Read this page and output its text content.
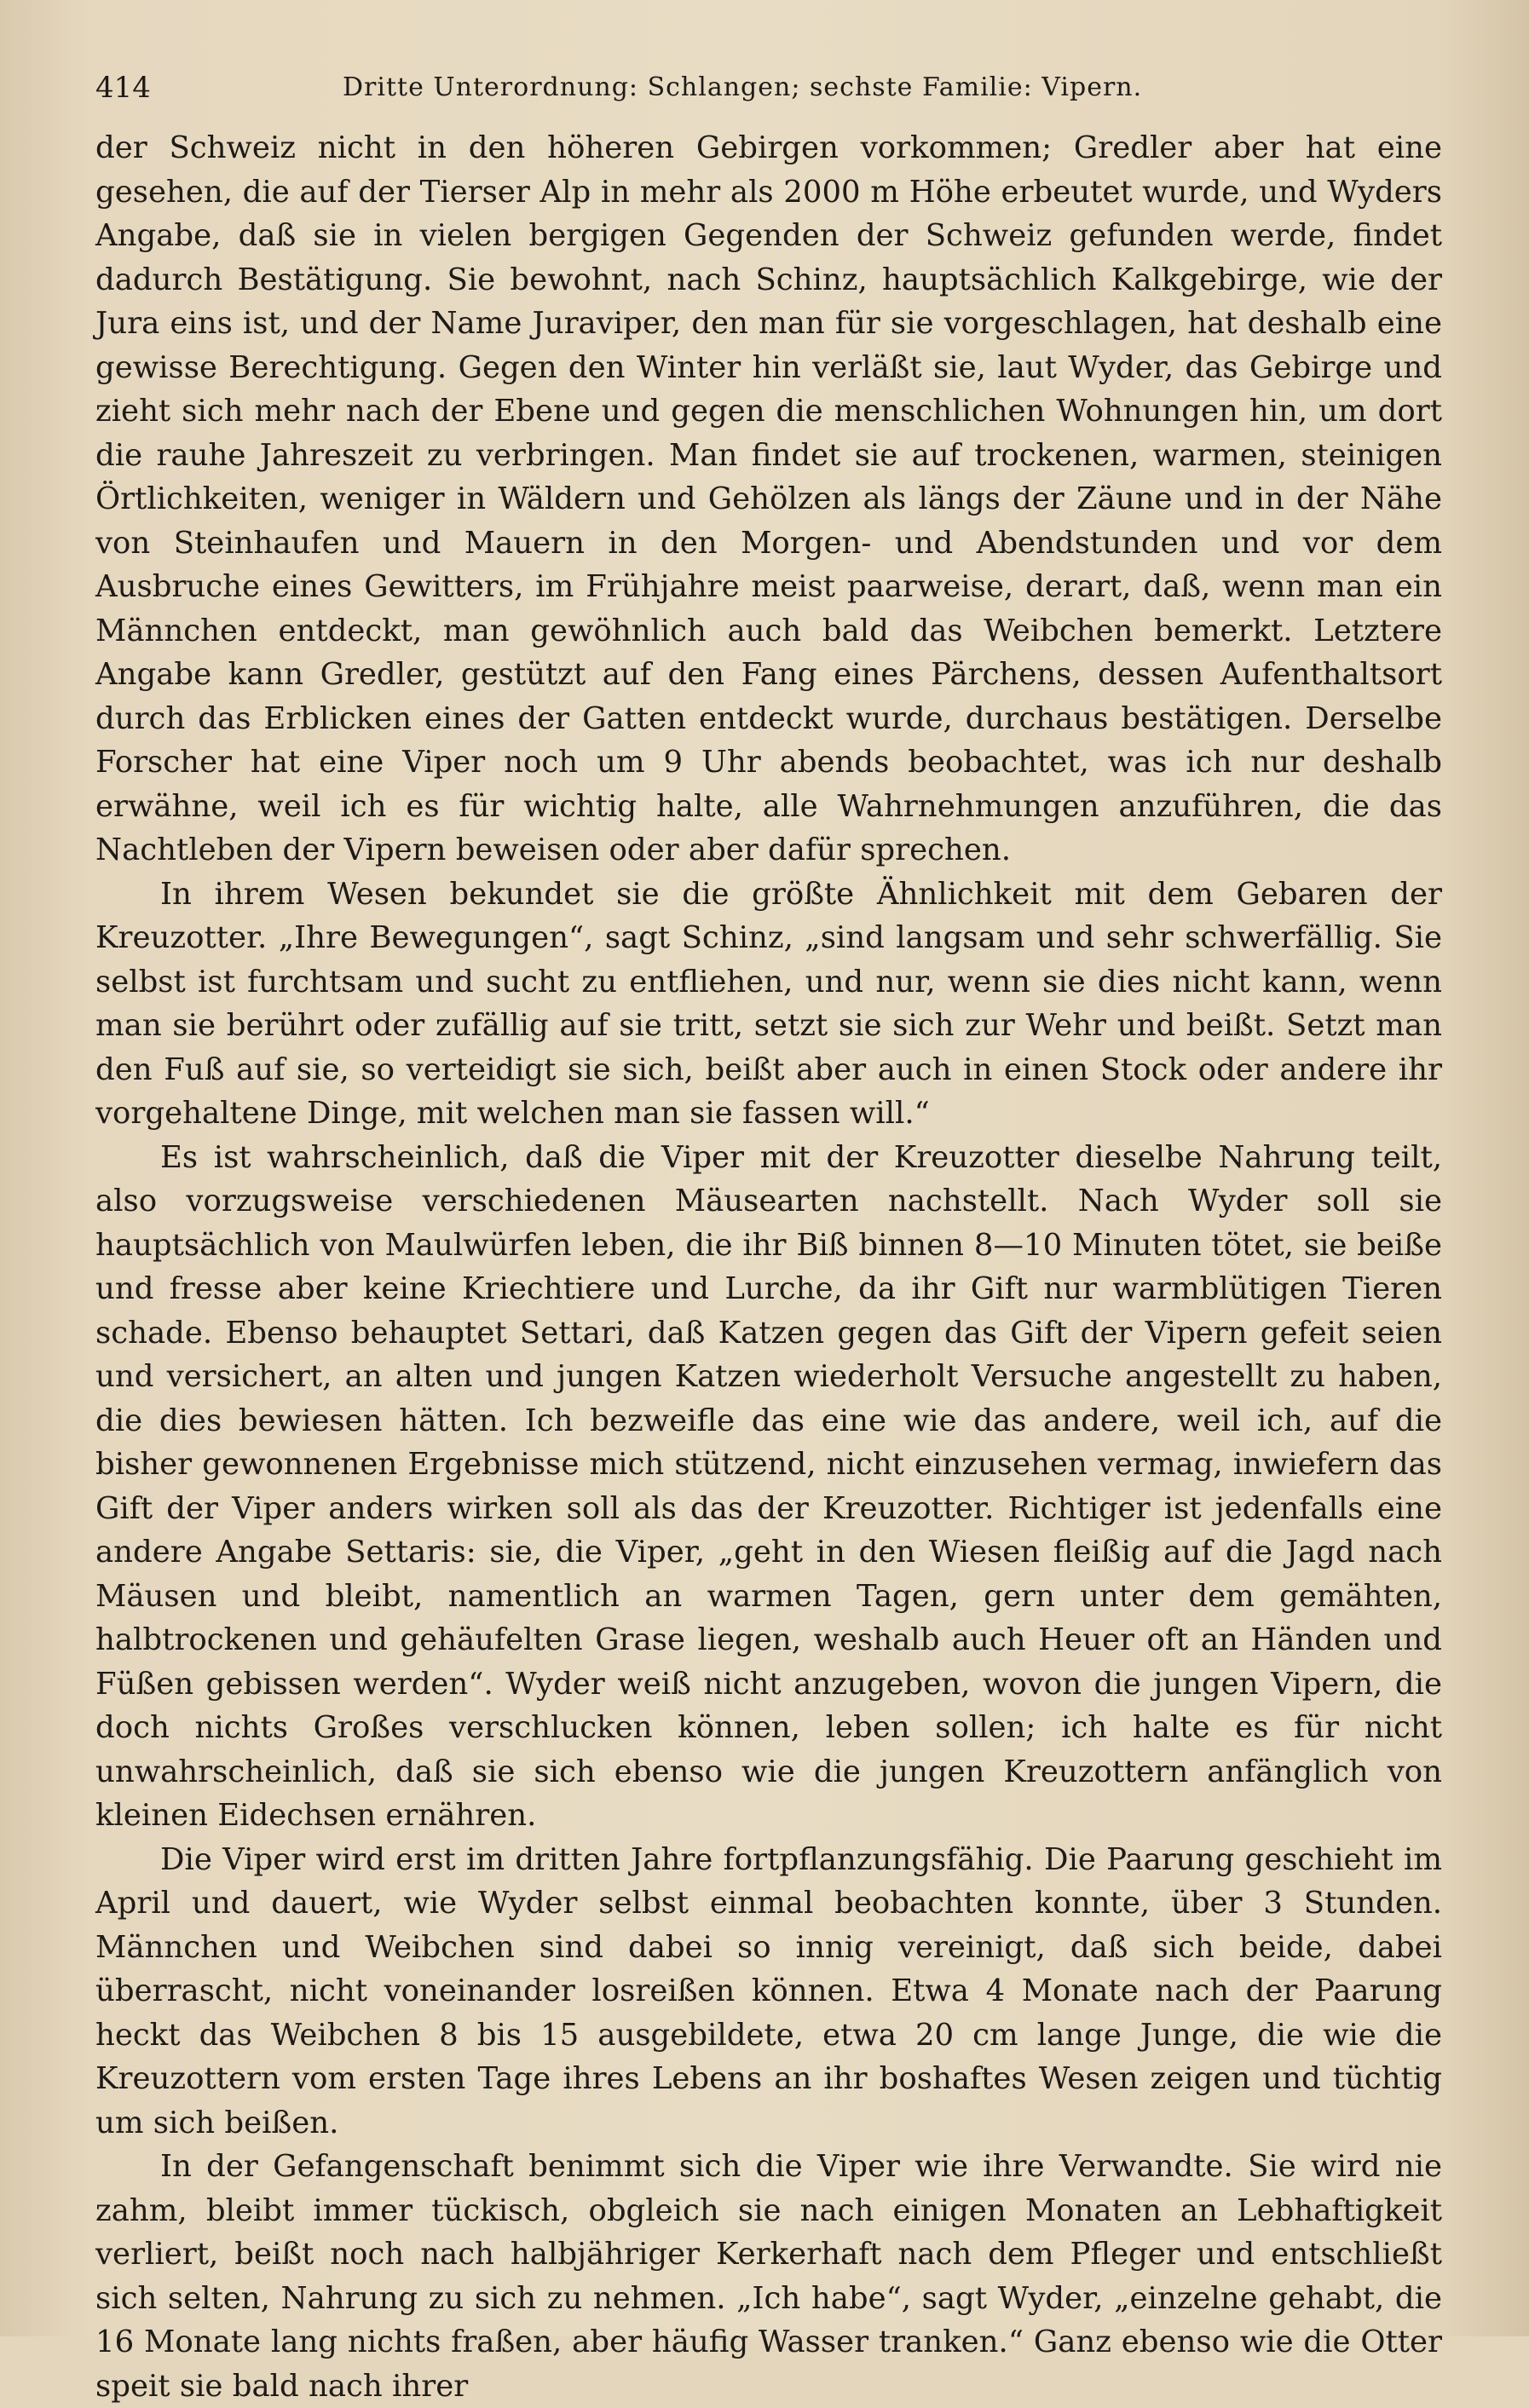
414	Dritte Unterordnung: Schlangen; sechste Familie: Vipern.

der Schweiz nicht in den höheren Gebirgen vorkommen; Gredler aber hat eine gesehen, die auf der Tierser Alp in mehr als 2000 m Höhe erbeutet wurde, und Wyders Angabe, daß sie in vielen bergigen Gegenden der Schweiz gefunden werde, findet dadurch Bestätigung. Sie bewohnt, nach Schinz, hauptsächlich Kalkgebirge, wie der Jura eins ist, und der Name Juraviper, den man für sie vorgeschlagen, hat deshalb eine gewisse Berechtigung. Gegen den Winter hin verläßt sie, laut Wyder, das Gebirge und zieht sich mehr nach der Ebene und gegen die menschlichen Wohnungen hin, um dort die rauhe Jahreszeit zu verbringen. Man findet sie auf trockenen, warmen, steinigen Örtlichkeiten, weniger in Wäldern und Gehölzen als längs der Zäune und in der Nähe von Steinhaufen und Mauern in den Morgen- und Abendstunden und vor dem Ausbruche eines Gewitters, im Frühjahre meist paarweise, derart, daß, wenn man ein Männchen entdeckt, man gewöhnlich auch bald das Weibchen bemerkt. Letztere Angabe kann Gredler, gestützt auf den Fang eines Pärchens, dessen Aufenthaltsort durch das Erblicken eines der Gatten entdeckt wurde, durchaus bestätigen. Derselbe Forscher hat eine Viper noch um 9 Uhr abends beobachtet, was ich nur deshalb erwähne, weil ich es für wichtig halte, alle Wahrnehmungen anzuführen, die das Nachtleben der Vipern beweisen oder aber dafür sprechen.

In ihrem Wesen bekundet sie die größte Ähnlichkeit mit dem Gebaren der Kreuzotter. „Ihre Bewegungen“, sagt Schinz, „sind langsam und sehr schwerfällig. Sie selbst ist furchtsam und sucht zu entfliehen, und nur, wenn sie dies nicht kann, wenn man sie berührt oder zufällig auf sie tritt, setzt sie sich zur Wehr und beißt. Setzt man den Fuß auf sie, so verteidigt sie sich, beißt aber auch in einen Stock oder andere ihr vorgehaltene Dinge, mit welchen man sie fassen will.“

Es ist wahrscheinlich, daß die Viper mit der Kreuzotter dieselbe Nahrung teilt, also vorzugsweise verschiedenen Mäusearten nachstellt. Nach Wyder soll sie hauptsächlich von Maulwürfen leben, die ihr Biß binnen 8—10 Minuten tötet, sie beiße und fresse aber keine Kriechtiere und Lurche, da ihr Gift nur warmblütigen Tieren schade. Ebenso behauptet Settari, daß Katzen gegen das Gift der Vipern gefeit seien und versichert, an alten und jungen Katzen wiederholt Versuche angestellt zu haben, die dies bewiesen hätten. Ich bezweifle das eine wie das andere, weil ich, auf die bisher gewonnenen Ergebnisse mich stützend, nicht einzusehen vermag, inwiefern das Gift der Viper anders wirken soll als das der Kreuzotter. Richtiger ist jedenfalls eine andere Angabe Settaris: sie, die Viper, „geht in den Wiesen fleißig auf die Jagd nach Mäusen und bleibt, namentlich an warmen Tagen, gern unter dem gemähten, halbtrockenen und gehäufelten Grase liegen, weshalb auch Heuer oft an Händen und Füßen gebissen werden“. Wyder weiß nicht anzugeben, wovon die jungen Vipern, die doch nichts Großes verschlucken können, leben sollen; ich halte es für nicht unwahrscheinlich, daß sie sich ebenso wie die jungen Kreuzottern anfänglich von kleinen Eidechsen ernähren.

Die Viper wird erst im dritten Jahre fortpflanzungsfähig. Die Paarung geschieht im April und dauert, wie Wyder selbst einmal beobachten konnte, über 3 Stunden. Männchen und Weibchen sind dabei so innig vereinigt, daß sich beide, dabei überrascht, nicht voneinander losreißen können. Etwa 4 Monate nach der Paarung heckt das Weibchen 8 bis 15 ausgebildete, etwa 20 cm lange Junge, die wie die Kreuzottern vom ersten Tage ihres Lebens an ihr boshaftes Wesen zeigen und tüchtig um sich beißen.

In der Gefangenschaft benimmt sich die Viper wie ihre Verwandte. Sie wird nie zahm, bleibt immer tückisch, obgleich sie nach einigen Monaten an Lebhaftigkeit verliert, beißt noch nach halbjähriger Kerkerhaft nach dem Pfleger und entschließt sich selten, Nahrung zu sich zu nehmen. „Ich habe“, sagt Wyder, „einzelne gehabt, die 16 Monate lang nichts fraßen, aber häufig Wasser tranken.“ Ganz ebenso wie die Otter speit sie bald nach ihrer
